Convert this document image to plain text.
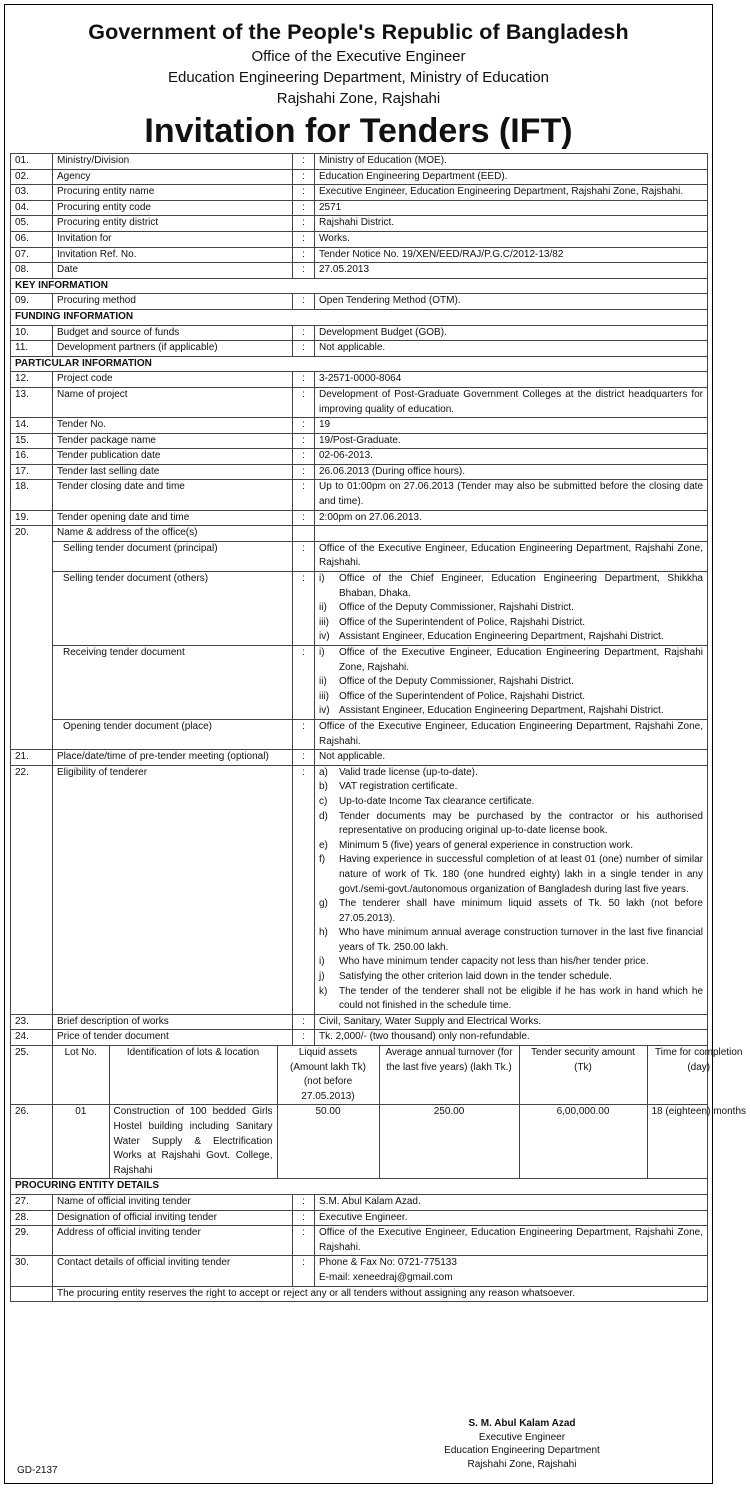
Government of the People's Republic of Bangladesh
Office of the Executive Engineer
Education Engineering Department, Ministry of Education
Rajshahi Zone, Rajshahi
Invitation for Tenders (IFT)
01.	Ministry/Division	:	Ministry of Education (MOE).
02.	Agency	:	Education Engineering Department (EED).
03.	Procuring entity name	:	Executive Engineer, Education Engineering Department, Rajshahi Zone, Rajshahi.
04.	Procuring entity code	:	2571
05.	Procuring entity district	:	Rajshahi District.
06.	Invitation for	:	Works.
07.	Invitation Ref. No.	:	Tender Notice No. 19/XEN/EED/RAJ/P.G.C/2012-13/82
08.	Date	:	27.05.2013
KEY INFORMATION
09.	Procuring method	:	Open Tendering Method (OTM).
FUNDING INFORMATION
10.	Budget and source of funds	:	Development Budget (GOB).
11.	Development partners (if applicable)	:	Not applicable.
PARTICULAR INFORMATION
12.	Project code	:	3-2571-0000-8064
13.	Name of project	:	Development of Post-Graduate Government Colleges at the district headquarters for improving quality of education.
14.	Tender No.	:	19
15.	Tender package name	:	19/Post-Graduate.
16.	Tender publication date	:	02-06-2013.
17.	Tender last selling date	:	26.06.2013 (During office hours).
18.	Tender closing date and time	:	Up to 01:00pm on 27.06.2013 (Tender may also be submitted before the closing date and time).
19.	Tender opening date and time	:	2:00pm on 27.06.2013.
20.	Name & address of the office(s)		
	Selling tender document (principal)	:	Office of the Executive Engineer, Education Engineering Department, Rajshahi Zone, Rajshahi.
	Selling tender document (others)	:	i)	Office of the Chief Engineer, Education Engineering Department, Shikkha Bhaban, Dhaka.
ii)	Office of the Deputy Commissioner, Rajshahi District.
iii)	Office of the Superintendent of Police, Rajshahi District.
iv) Assistant Engineer, Education Engineering Department, Rajshahi District.

	Receiving tender document	:	i)	Office of the Executive Engineer, Education Engineering Department, Rajshahi Zone, Rajshahi.
ii)	Office of the Deputy Commissioner, Rajshahi District.
iii)	Office of the Superintendent of Police, Rajshahi District.
iv) Assistant Engineer, Education Engineering Department, Rajshahi District.

	Opening tender document (place)	:	Office of the Executive Engineer, Education Engineering Department, Rajshahi Zone, Rajshahi.
21.	Place/date/time of pre-tender meeting (optional)	:	Not applicable.
22.	Eligibility of tenderer	:	a)	Valid trade license (up-to-date).
b)	VAT registration certificate.
c)	Up-to-date Income Tax clearance certificate.
d)	Tender documents may be purchased by the contractor or his authorised representative on producing original up-to-date license book.
e)	Minimum 5 (five) years of general experience in construction work.
f)	Having experience in successful completion of at least 01 (one) number of similar nature of work of Tk. 180 (one hundred eighty) lakh in a single tender in any govt./semi-govt./autonomous organization of Bangladesh during last five years.
g)	The tenderer shall have minimum liquid assets of Tk. 50 lakh (not before 27.05.2013).
h)	Who have minimum annual average construction turnover in the last five financial years of Tk. 250.00 lakh.
i)	Who have minimum tender capacity not less than his/her tender price.
j)	Satisfying the other criterion laid down in the tender schedule.
k)	The tender of the tenderer shall not be eligible if he has work in hand which he could not finished in the schedule time.

23.	Brief description of works	:	Civil, Sanitary, Water Supply and Electrical Works.
24.	Price of tender document	:	Tk. 2,000/- (two thousand) only non-refundable.
25.		Lot No.	Identification of lots & location	Liquid assets (Amount lakh Tk) (not before 27.05.2013)	Average annual turnover (for the last five years) (lakh Tk.)	Tender security amount (Tk)	Time for completion (day)

26.		01	Construction of 100 bedded Girls Hostel building including Sanitary Water Supply & Electrification Works at Rajshahi Govt. College, Rajshahi	50.00	250.00	6,00,000.00	18 (eighteen) months

PROCURING ENTITY DETAILS
27.	Name of official inviting tender	:	S.M. Abul Kalam Azad.
28.	Designation of official inviting tender	:	Executive Engineer.
29.	Address of official inviting tender	:	Office of the Executive Engineer, Education Engineering Department, Rajshahi Zone, Rajshahi.
30.	Contact details of official inviting tender	:	Phone & Fax No: 0721-775133
E-mail: xeneedraj@gmail.com

	The procuring entity reserves the right to accept or reject any or all tenders without assigning any reason whatsoever.
S. M. Abul Kalam Azad
Executive Engineer
Education Engineering Department
Rajshahi Zone, Rajshahi
GD-2137
